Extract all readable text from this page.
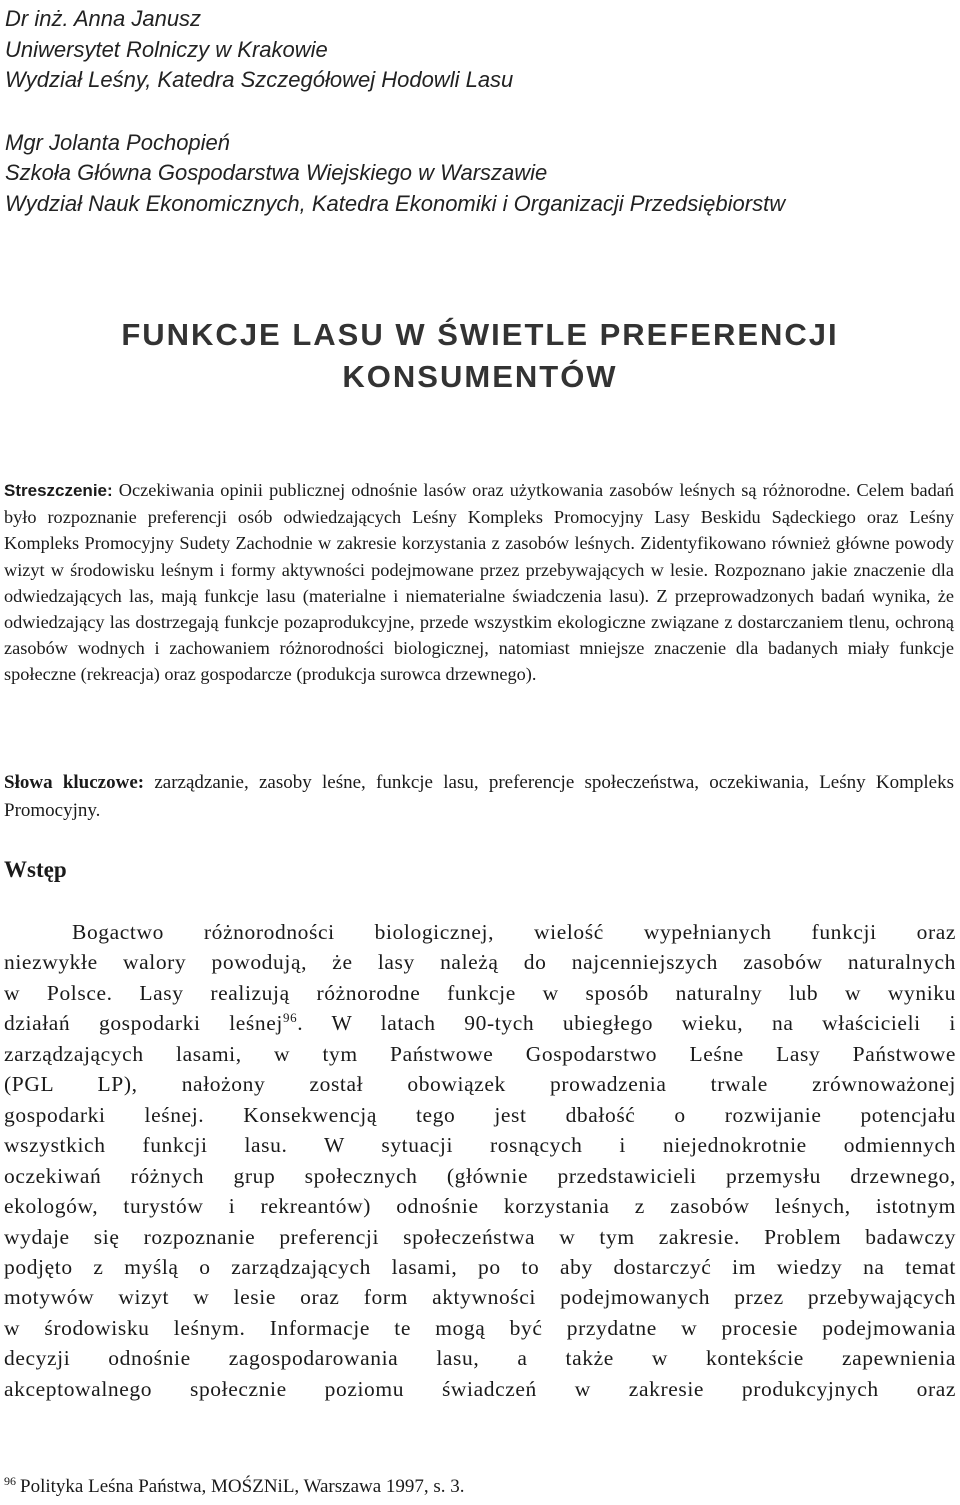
Dr inż. Anna Janusz
Uniwersytet Rolniczy w Krakowie
Wydział Leśny, Katedra Szczegółowej Hodowli Lasu
Mgr Jolanta Pochopień
Szkoła Główna Gospodarstwa Wiejskiego w Warszawie
Wydział Nauk Ekonomicznych, Katedra Ekonomiki i Organizacji Przedsiębiorstw
FUNKCJE LASU W ŚWIETLE PREFERENCJI
KONSUMENTÓW
Streszczenie: Oczekiwania opinii publicznej odnośnie lasów oraz użytkowania zasobów leśnych są różnorodne. Celem badań było rozpoznanie preferencji osób odwiedzających Leśny Kompleks Promocyjny Lasy Beskidu Sądeckiego oraz Leśny Kompleks Promocyjny Sudety Zachodnie w zakresie korzystania z zasobów leśnych. Zidentyfikowano również główne powody wizyt w środowisku leśnym i formy aktywności podejmowane przez przebywających w lesie. Rozpoznano jakie znaczenie dla odwiedzających las, mają funkcje lasu (materialne i niematerialne świadczenia lasu). Z przeprowadzonych badań wynika, że odwiedzający las dostrzegają funkcje pozaprodukcyjne, przede wszystkim ekologiczne związane z dostarczaniem tlenu, ochroną zasobów wodnych i zachowaniem różnorodności biologicznej, natomiast mniejsze znaczenie dla badanych miały funkcje społeczne (rekreacja) oraz gospodarcze (produkcja surowca drzewnego).
Słowa kluczowe: zarządzanie, zasoby leśne, funkcje lasu, preferencje społeczeństwa, oczekiwania, Leśny Kompleks Promocyjny.
Wstęp
Bogactwo różnorodności biologicznej, wielość wypełnianych funkcji oraz
niezwykłe walory powodują, że lasy należą do najcenniejszych zasobów naturalnych
w Polsce. Lasy realizują różnorodne funkcje w sposób naturalny lub w wyniku
działań gospodarki leśnej$^{96}$. W latach 90-tych ubiegłego wieku, na właścicieli i
zarządzających lasami, w tym Państwowe Gospodarstwo Leśne Lasy Państwowe
(PGL LP), nałożony został obowiązek prowadzenia trwale zrównoważonej
gospodarki leśnej. Konsekwencją tego jest dbałość o rozwijanie potencjału
wszystkich funkcji lasu. W sytuacji rosnących i niejednokrotnie odmiennych
oczekiwań różnych grup społecznych (głównie przedstawicieli przemysłu drzewnego,
ekologów, turystów i rekreantów) odnośnie korzystania z zasobów leśnych, istotnym
wydaje się rozpoznanie preferencji społeczeństwa w tym zakresie. Problem badawczy
podjęto z myślą o zarządzających lasami, po to aby dostarczyć im wiedzy na temat
motywów wizyt w lesie oraz form aktywności podejmowanych przez przebywających
w środowisku leśnym. Informacje te mogą być przydatne w procesie podejmowania
decyzji odnośnie zagospodarowania lasu, a także w kontekście zapewnienia
akceptowalnego społecznie poziomu świadczeń w zakresie produkcyjnych oraz
$^{96}$ Polityka Leśna Państwa, MOŚZNiL, Warszawa 1997, s. 3.
